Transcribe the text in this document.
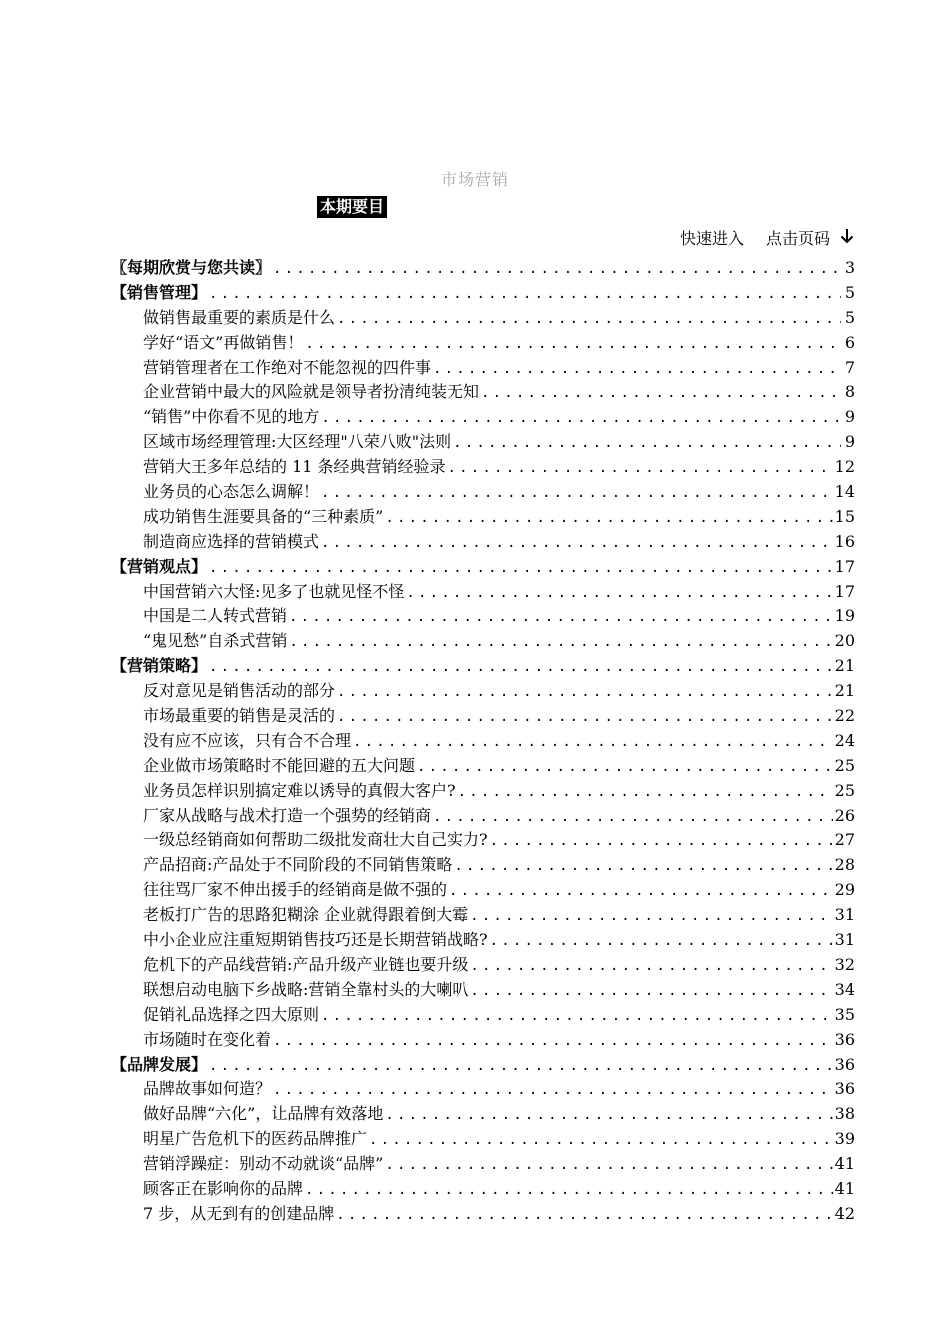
市场营销
本期要目
快速进入 点击页码
〖每期欣赏与您共读〗 .....	3
【销售管理】 .....	5
做销售最重要的素质是什么 .....	5
学好“语文”再做销售！ .....	6
营销管理者在工作绝对不能忽视的四件事 .....	7
企业营销中最大的风险就是领导者扮清纯装无知 .....	8
“销售”中你看不见的地方 .....	9
区域市场经理管理:大区经理"八荣八败"法则 .....	9
营销大王多年总结的 11 条经典营销经验录 .....	12
业务员的心态怎么调解！ .....	14
成功销售生涯要具备的“三种素质” .....	15
制造商应选择的营销模式 .....	16
【营销观点】 .....	17
中国营销六大怪:见多了也就见怪不怪 .....	17
中国是二人转式营销 .....	19
“鬼见愁”自杀式营销 .....	20
【营销策略】 .....	21
反对意见是销售活动的部分 .....	21
市场最重要的销售是灵活的 .....	22
没有应不应该，只有合不合理 .....	24
企业做市场策略时不能回避的五大问题 .....	25
业务员怎样识别搞定难以诱导的真假大客户? .....	25
厂家从战略与战术打造一个强势的经销商 .....	26
一级总经销商如何帮助二级批发商壮大自己实力? .....	27
产品招商:产品处于不同阶段的不同销售策略 .....	28
往往骂厂家不伸出援手的经销商是做不强的 .....	29
老板打广告的思路犯糊涂 企业就得跟着倒大霉 .....	31
中小企业应注重短期销售技巧还是长期营销战略? .....	31
危机下的产品线营销:产品升级产业链也要升级 .....	32
联想启动电脑下乡战略:营销全靠村头的大喇叭 .....	34
促销礼品选择之四大原则 .....	35
市场随时在变化着 .....	36
【品牌发展】 .....	36
品牌故事如何造？ .....	36
做好品牌“六化”，让品牌有效落地 .....	38
明星广告危机下的医药品牌推广 .....	39
营销浮躁症：别动不动就谈“品牌” .....	41
顾客正在影响你的品牌 .....	41
7 步，从无到有的创建品牌 .....	42
